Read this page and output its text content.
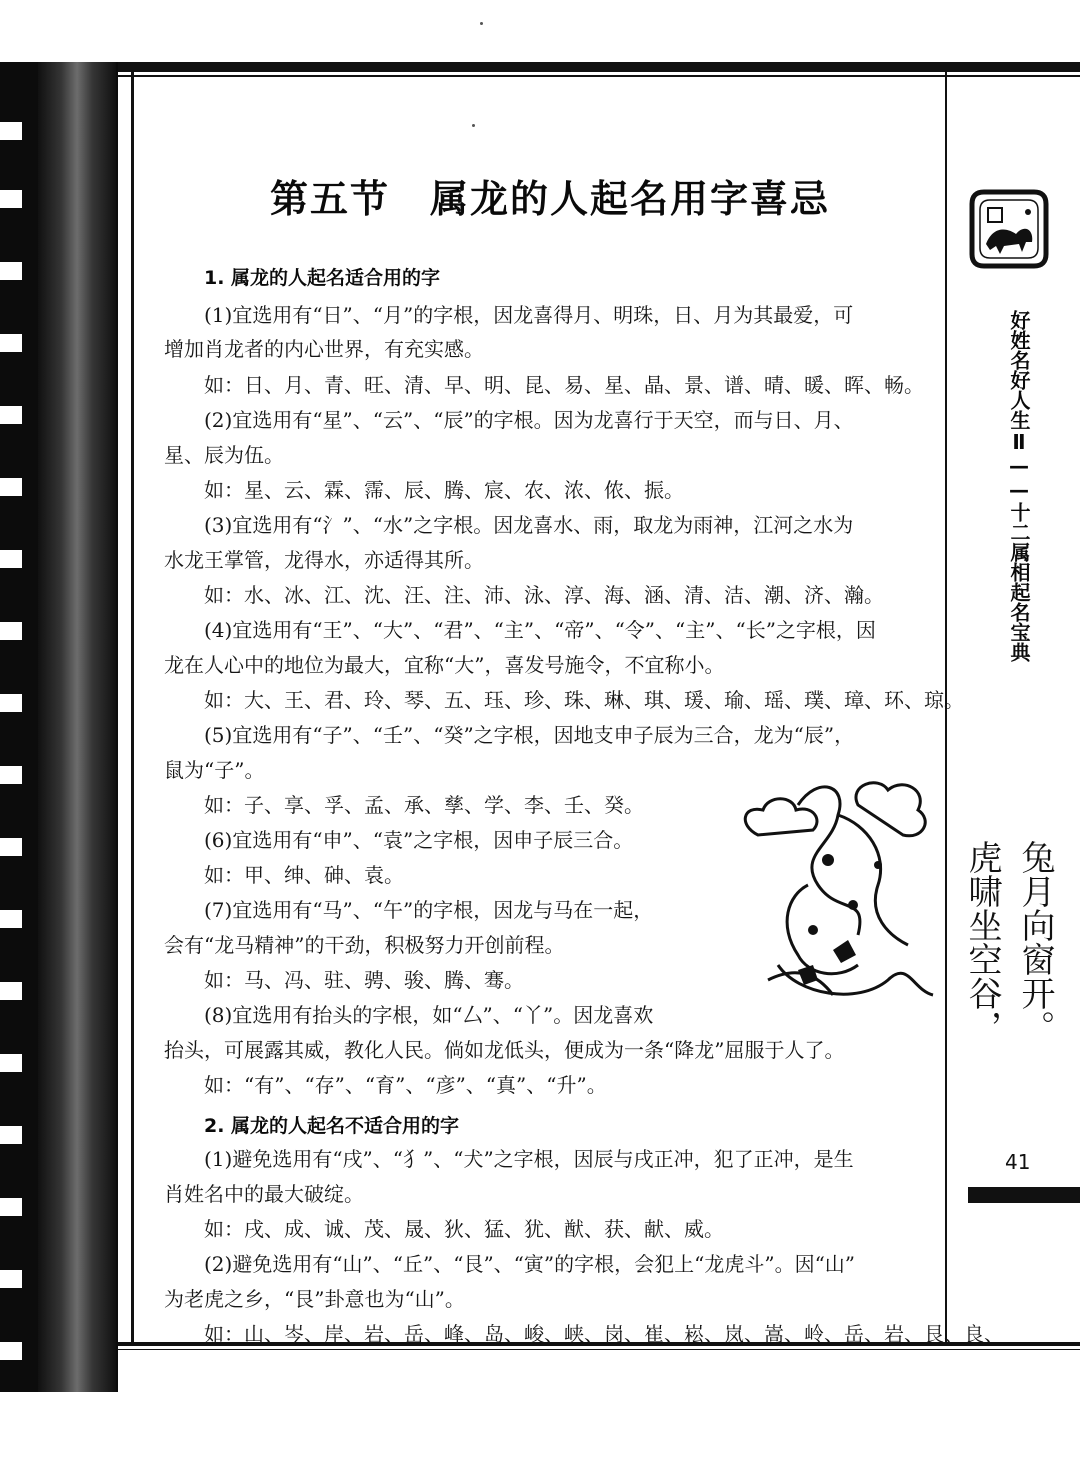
第五节　属龙的人起名用字喜忌
1. 属龙的人起名适合用的字
(1)宜选用有“日”、“月”的字根，因龙喜得月、明珠，日、月为其最爱，可
增加肖龙者的内心世界，有充实感。
如：日、月、青、旺、清、早、明、昆、易、星、晶、景、谱、晴、暖、晖、畅。
(2)宜选用有“星”、“云”、“辰”的字根。因为龙喜行于天空，而与日、月、
星、辰为伍。
如：星、云、霖、霈、辰、腾、宸、农、浓、侬、振。
(3)宜选用有“氵”、“水”之字根。因龙喜水、雨，取龙为雨神，江河之水为
水龙王掌管，龙得水，亦适得其所。
如：水、冰、江、沈、汪、注、沛、泳、淳、海、涵、清、洁、潮、济、瀚。
(4)宜选用有“王”、“大”、“君”、“主”、“帝”、“令”、“主”、“长”之字根，因
龙在人心中的地位为最大，宜称“大”，喜发号施令，不宜称小。
如：大、王、君、玲、琴、五、珏、珍、珠、琳、琪、瑗、瑜、瑶、璞、璋、环、琼。
(5)宜选用有“子”、“壬”、“癸”之字根，因地支申子辰为三合，龙为“辰”，
鼠为“子”。
如：子、享、孚、孟、承、孳、学、李、壬、癸。
(6)宜选用有“申”、“袁”之字根，因申子辰三合。
如：甲、绅、砷、袁。
(7)宜选用有“马”、“午”的字根，因龙与马在一起，
会有“龙马精神”的干劲，积极努力开创前程。
如：马、冯、驻、骋、骏、腾、骞。
(8)宜选用有抬头的字根，如“厶”、“丫”。因龙喜欢
抬头，可展露其威，教化人民。倘如龙低头，便成为一条“降龙”屈服于人了。
如：“有”、“存”、“育”、“彦”、“真”、“升”。
2. 属龙的人起名不适合用的字
(1)避免选用有“戌”、“犭”、“犬”之字根，因辰与戌正冲，犯了正冲，是生
肖姓名中的最大破绽。
如：戌、成、诚、茂、晟、狄、猛、犹、猷、获、献、威。
(2)避免选用有“山”、“丘”、“艮”、“寅”的字根，会犯上“龙虎斗”。因“山”
为老虎之乡，“艮”卦意也为“山”。
如：山、岑、岸、岩、岳、峰、岛、峻、峡、岗、崔、崧、岚、嵩、岭、岳、岩、艮、良、
好姓名好人生Ⅱ——十二属相起名宝典
兔月向窗开。
虎啸坐空谷，
41
